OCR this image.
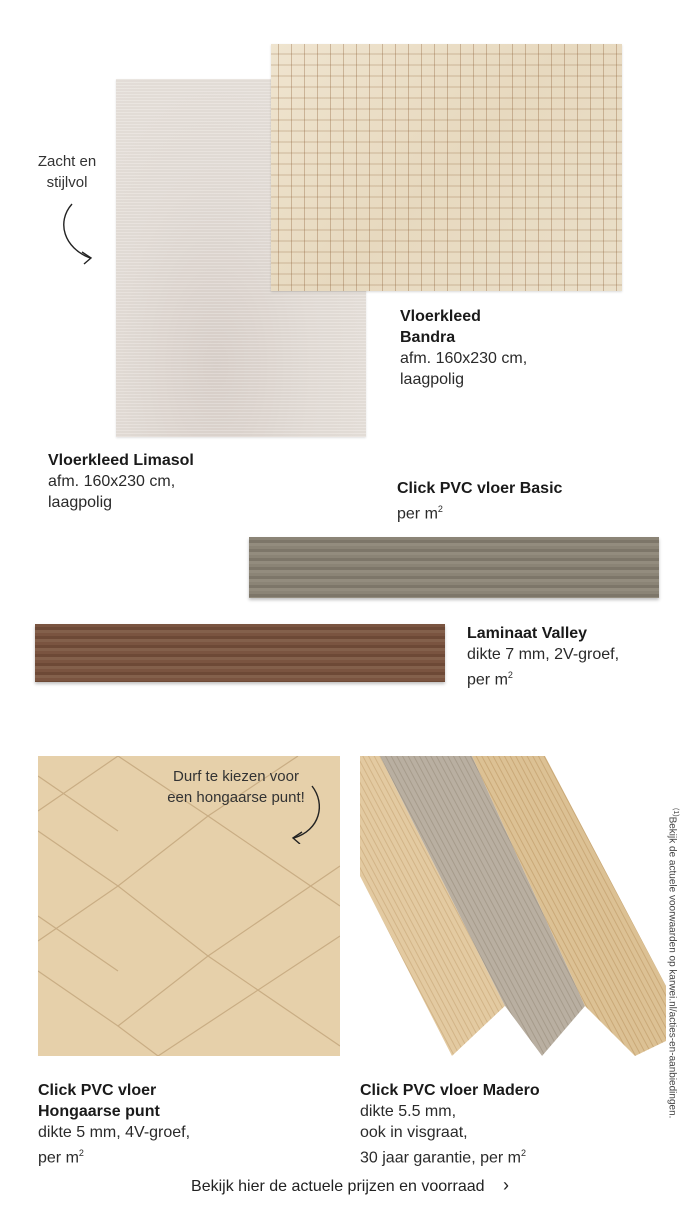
Zacht en
stijlvol
Vloerkleed
Bandra
afm. 160x230 cm,
laagpolig
Vloerkleed Limasol
afm. 160x230 cm,
laagpolig
Click PVC vloer Basic
per $m^2$
Laminaat Valley
dikte 7 mm, 2V-groef,
per $m^2$
Durf te kiezen voor
een hongaarse punt!
Click PVC vloer
Hongaarse punt
dikte 5 mm, 4V-groef,
per $m^2$
Click PVC vloer Madero
dikte 5.5 mm,
ook in visgraat,
30 jaar garantie, per $m^2$
$^{(1)}$Bekijk de actuele voorwaarden op karwei.nl/acties-en-aanbiedingen.
Bekijk hier de actuele prijzen en voorraad ›
